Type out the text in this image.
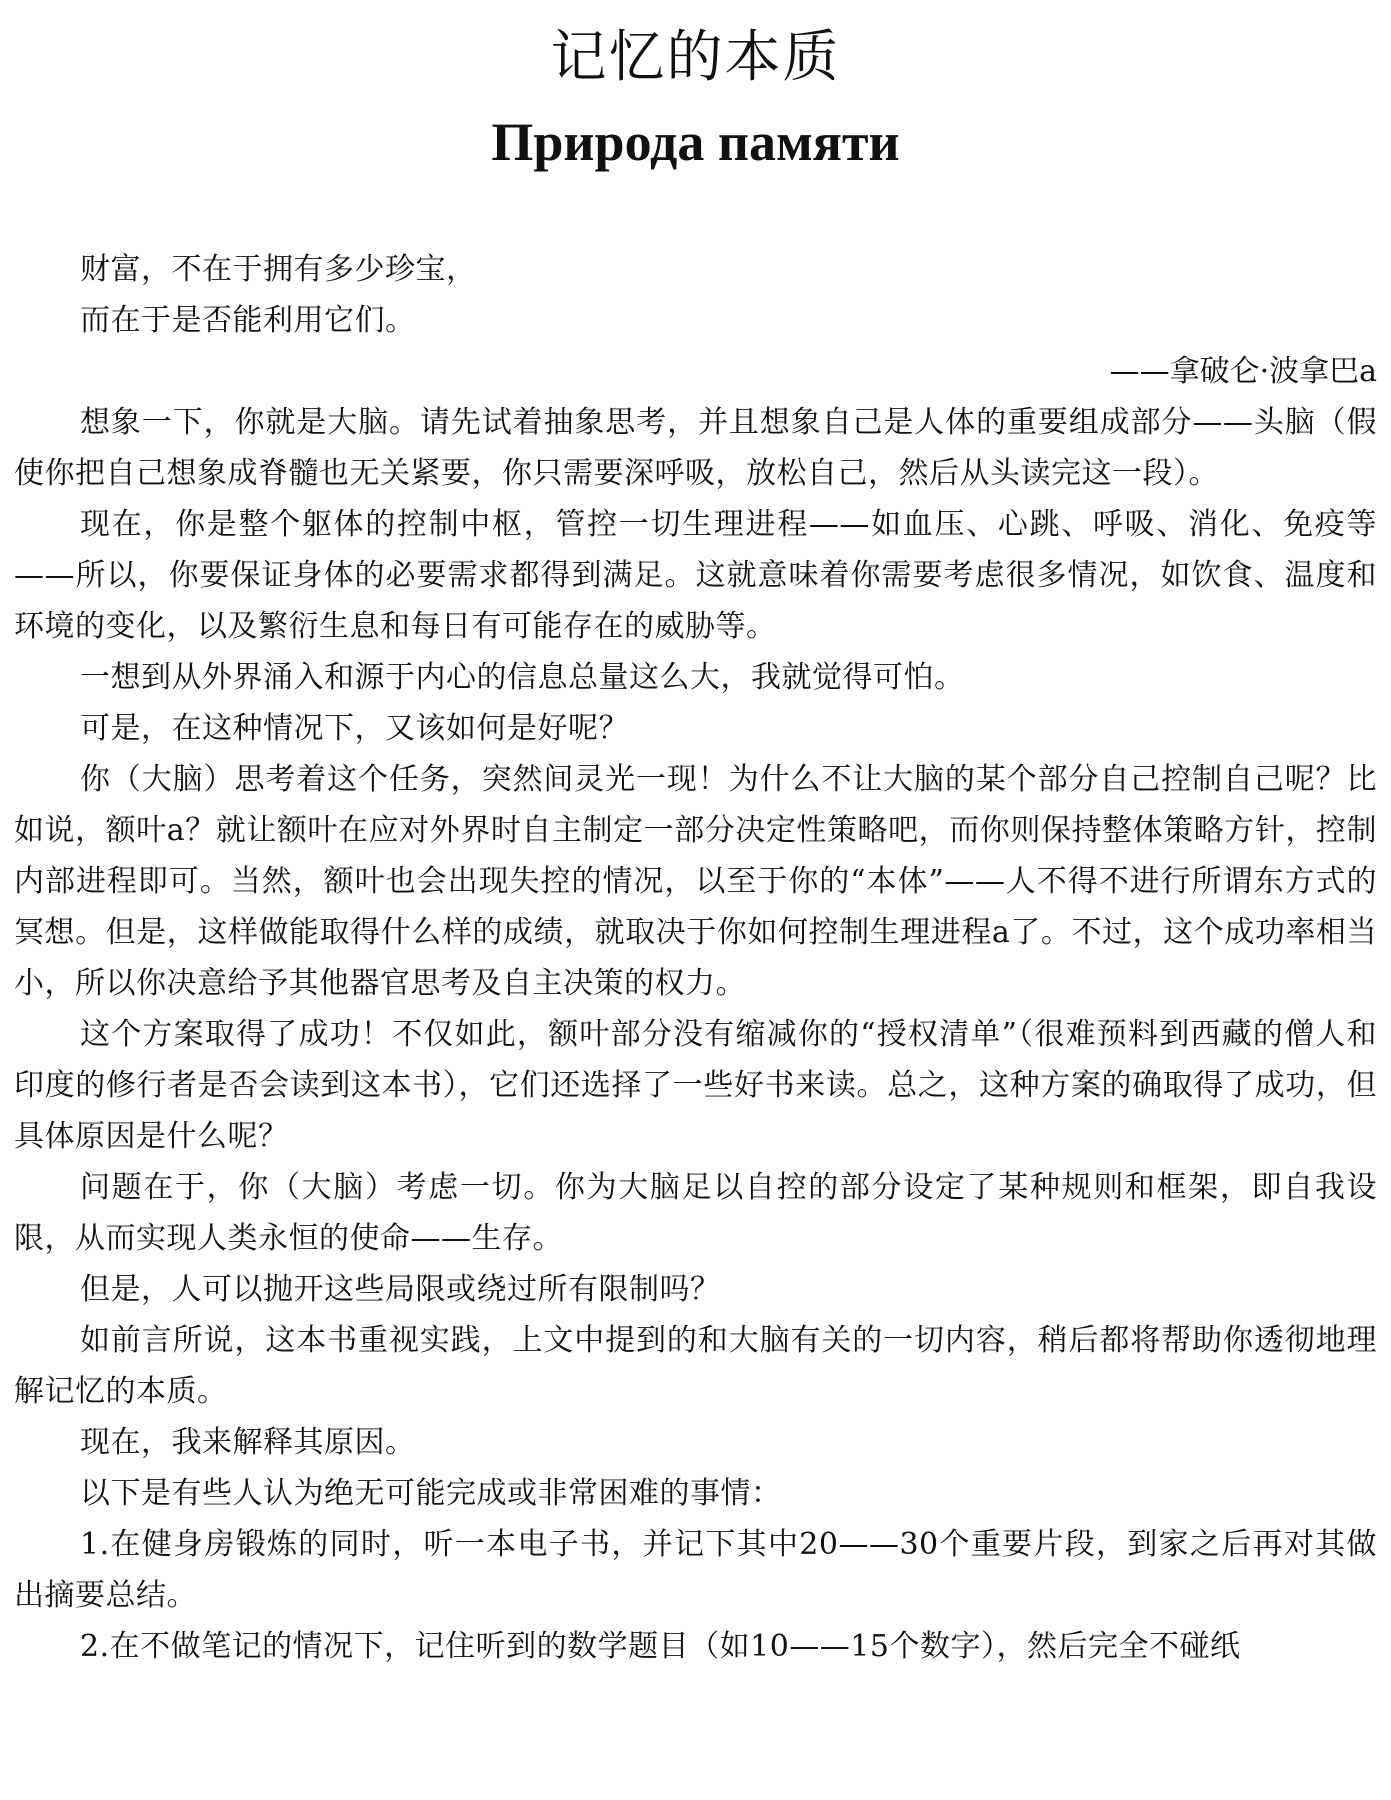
记忆的本质
Природа памяти

财富，不在于拥有多少珍宝，

而在于是否能利用它们。

——拿破仑·波拿巴a

想象一下，你就是大脑。请先试着抽象思考，并且想象自己是人体的重要组成部分——头脑（假使你把自己想象成脊髓也无关紧要，你只需要深呼吸，放松自己，然后从头读完这一段）。

现在，你是整个躯体的控制中枢，管控一切生理进程——如血压、心跳、呼吸、消化、免疫等——所以，你要保证身体的必要需求都得到满足。这就意味着你需要考虑很多情况，如饮食、温度和环境的变化，以及繁衍生息和每日有可能存在的威胁等。

一想到从外界涌入和源于内心的信息总量这么大，我就觉得可怕。

可是，在这种情况下，又该如何是好呢？

你（大脑）思考着这个任务，突然间灵光一现！为什么不让大脑的某个部分自己控制自己呢？比如说，额叶a？就让额叶在应对外界时自主制定一部分决定性策略吧，而你则保持整体策略方针，控制内部进程即可。当然，额叶也会出现失控的情况，以至于你的“本体”——人不得不进行所谓东方式的冥想。但是，这样做能取得什么样的成绩，就取决于你如何控制生理进程a了。不过，这个成功率相当小，所以你决意给予其他器官思考及自主决策的权力。

这个方案取得了成功！不仅如此，额叶部分没有缩减你的“授权清单”（很难预料到西藏的僧人和印度的修行者是否会读到这本书），它们还选择了一些好书来读。总之，这种方案的确取得了成功，但具体原因是什么呢？

问题在于，你（大脑）考虑一切。你为大脑足以自控的部分设定了某种规则和框架，即自我设限，从而实现人类永恒的使命——生存。

但是，人可以抛开这些局限或绕过所有限制吗？

如前言所说，这本书重视实践，上文中提到的和大脑有关的一切内容，稍后都将帮助你透彻地理解记忆的本质。

现在，我来解释其原因。

以下是有些人认为绝无可能完成或非常困难的事情：

1.在健身房锻炼的同时，听一本电子书，并记下其中20——30个重要片段，到家之后再对其做出摘要总结。

2.在不做笔记的情况下，记住听到的数学题目（如10——15个数字），然后完全不碰纸
